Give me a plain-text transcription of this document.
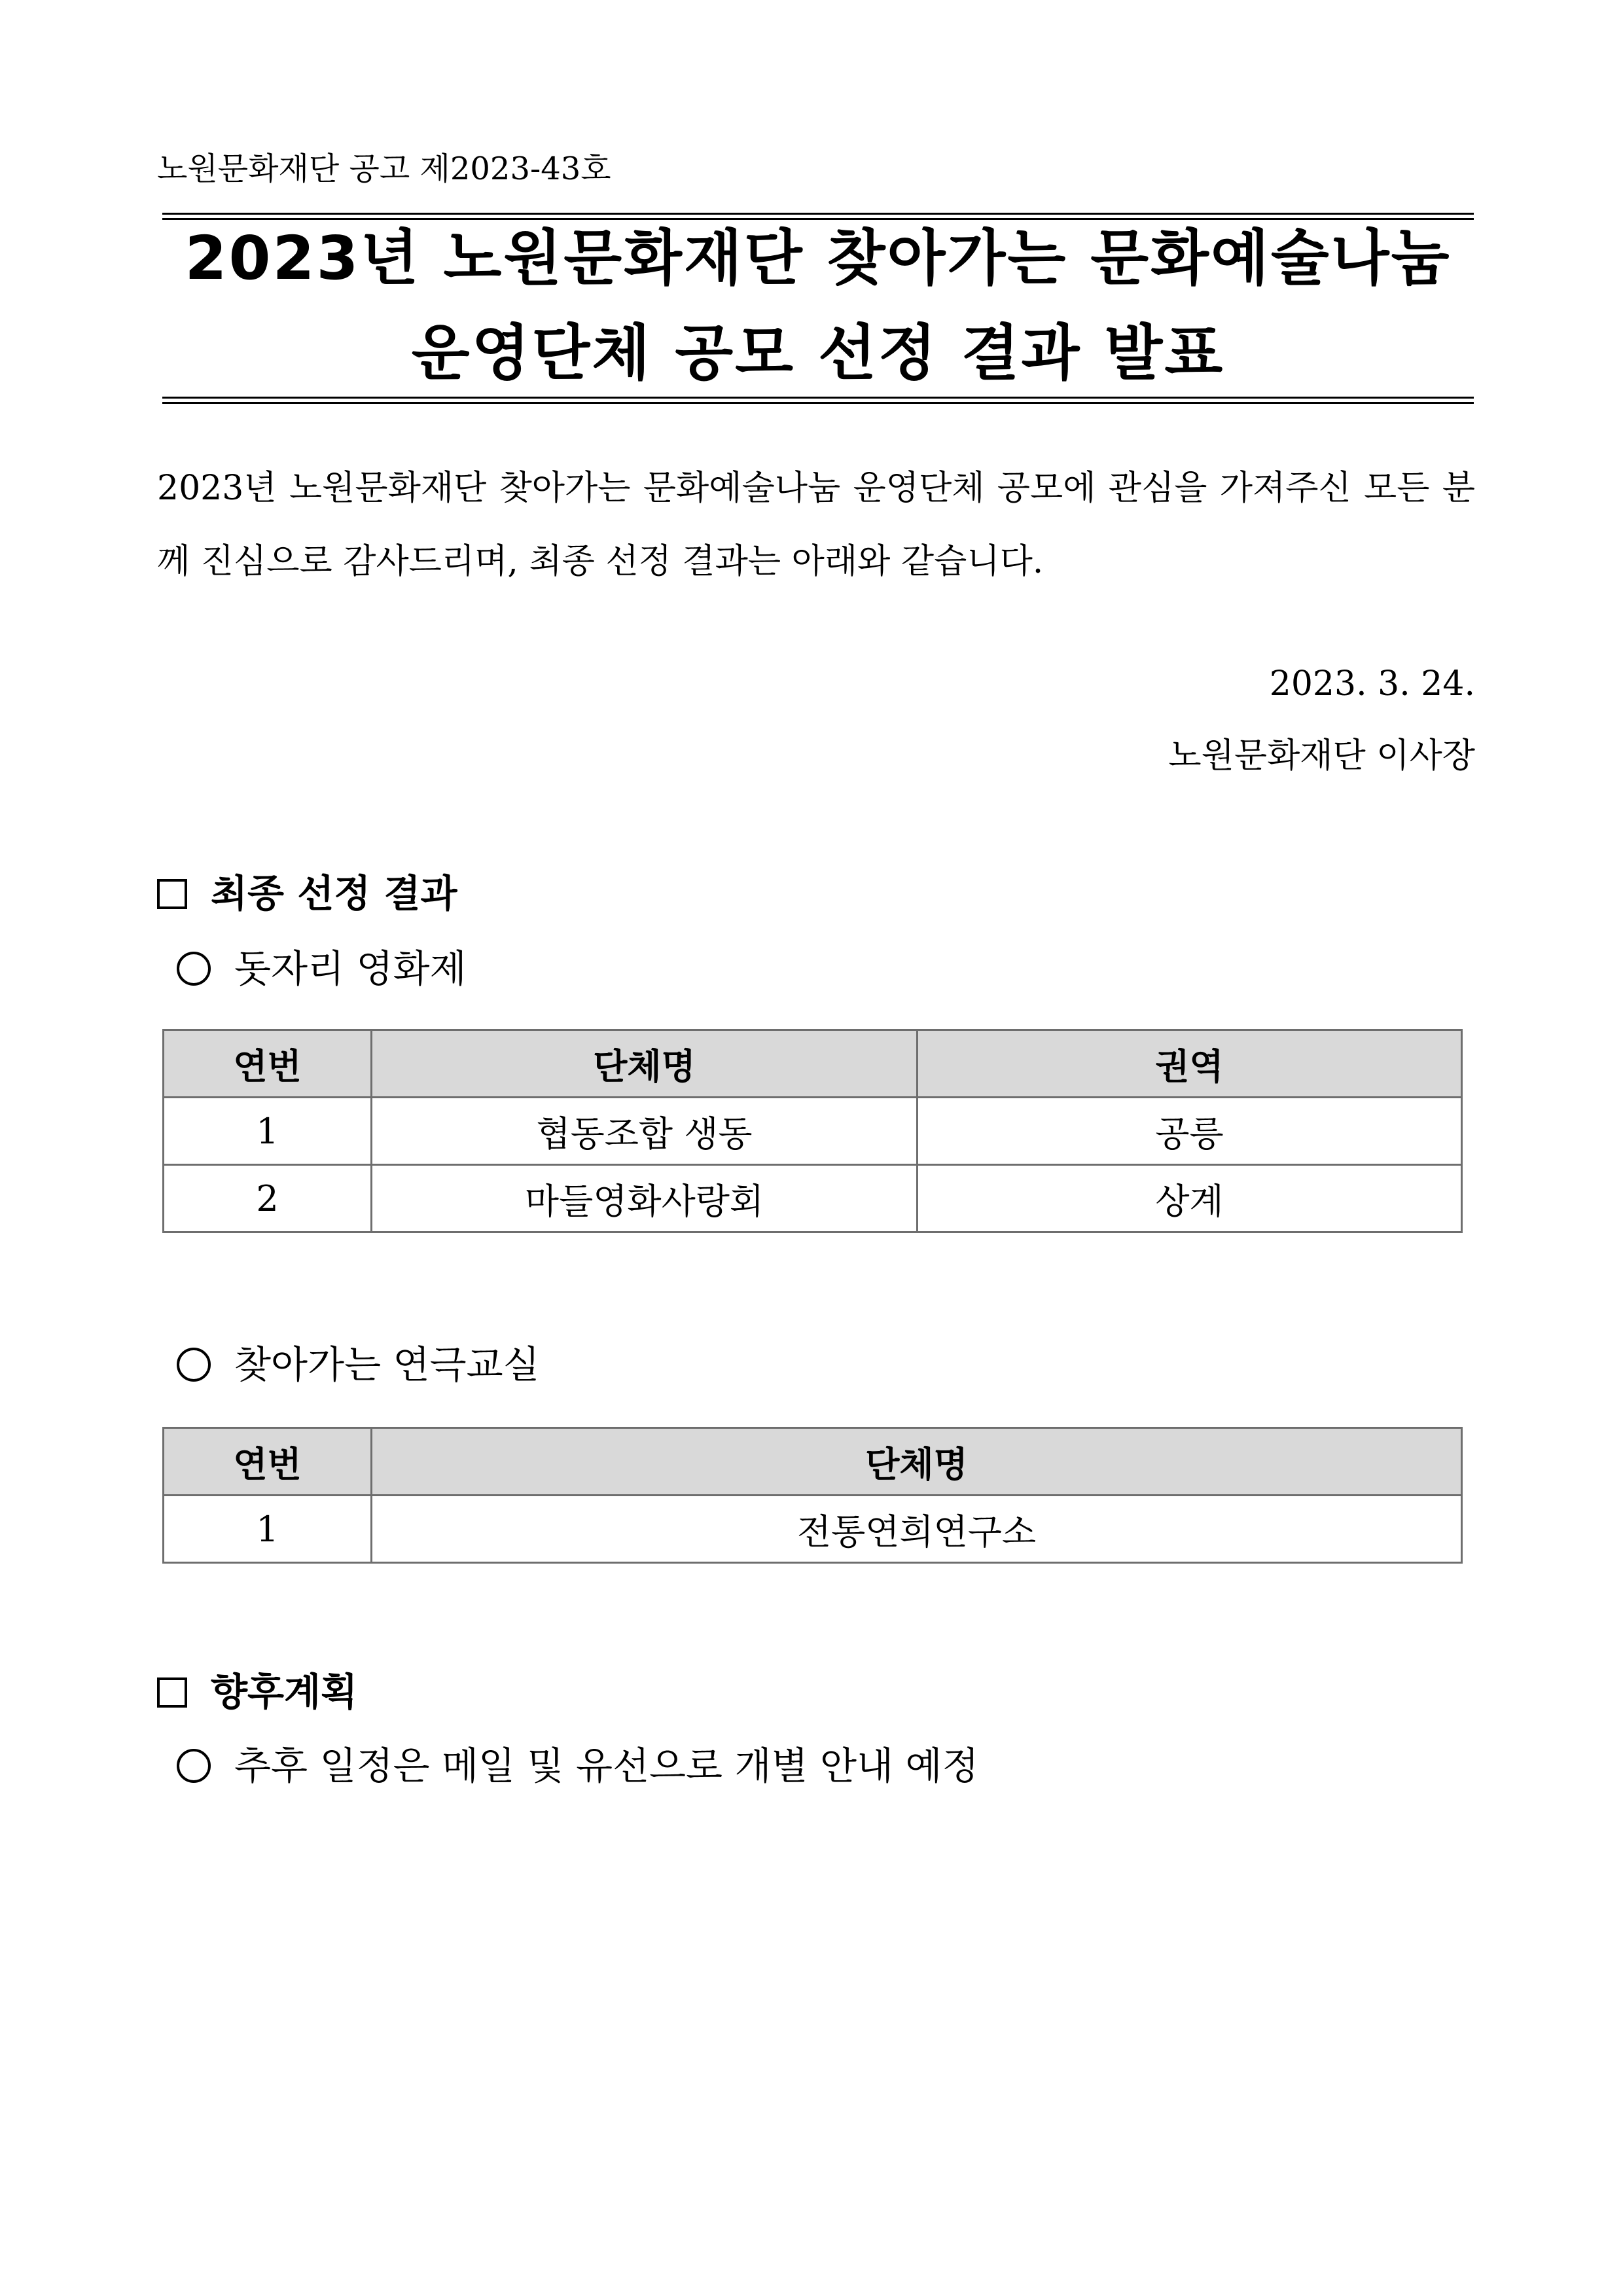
노원문화재단 공고 제2023-43호
2023년 노원문화재단 찾아가는 문화예술나눔
운영단체 공모 선정 결과 발표
2023년 노원문화재단 찾아가는 문화예술나눔 운영단체 공모에 관심을 가져주신 모든 분께 진심으로 감사드리며, 최종 선정 결과는 아래와 같습니다.
2023. 3. 24.
노원문화재단 이사장
최종 선정 결과
돗자리 영화제
연번	단체명	권역
1	협동조합 생동	공릉
2	마들영화사랑회	상계
찾아가는 연극교실
연번	단체명
1	전통연희연구소
향후계획
추후 일정은 메일 및 유선으로 개별 안내 예정
